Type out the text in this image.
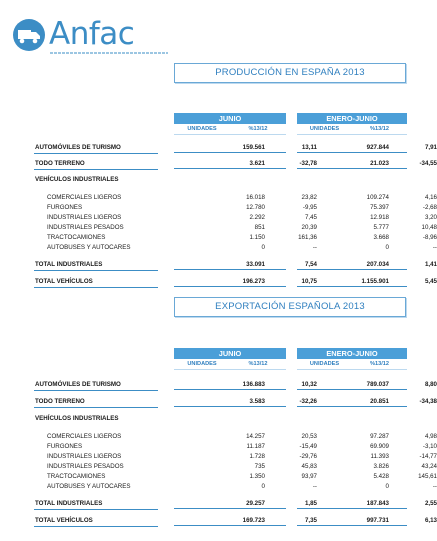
Anfac
PRODUCCIÓN EN ESPAÑA 2013
JUNIO
UNIDADES	%13/12
ENERO-JUNIO
UNIDADES	%13/12
AUTOMÓVILES DE TURISMO	159.561	13,11	927.844	7,91
TODO TERRENO	3.621	-32,78	21.023	-34,55
VEHÍCULOS INDUSTRIALES
COMERCIALES LIGEROS	16.018	23,82	109.274	4,16
FURGONES	12.780	-9,95	75.397	-2,68
INDUSTRIALES LIGEROS	2.292	7,45	12.918	3,20
INDUSTRIALES PESADOS	851	20,39	5.777	10,48
TRACTOCAMIONES	1.150	161,36	3.668	-8,96
AUTOBUSES Y AUTOCARES	0	--	0	--
TOTAL INDUSTRIALES	33.091	7,54	207.034	1,41
TOTAL VEHÍCULOS	196.273	10,75	1.155.901	5,45
EXPORTACIÓN ESPAÑOLA 2013
JUNIO
UNIDADES	%13/12
ENERO-JUNIO
UNIDADES	%13/12
AUTOMÓVILES DE TURISMO	136.883	10,32	789.037	8,80
TODO TERRENO	3.583	-32,26	20.851	-34,38
VEHÍCULOS INDUSTRIALES
COMERCIALES LIGEROS	14.257	20,53	97.287	4,98
FURGONES	11.187	-15,49	69.909	-3,10
INDUSTRIALES LIGEROS	1.728	-29,76	11.393	-14,77
INDUSTRIALES PESADOS	735	45,83	3.826	43,24
TRACTOCAMIONES	1.350	93,97	5.428	145,61
AUTOBUSES Y AUTOCARES	0	--	0	--
TOTAL INDUSTRIALES	29.257	1,85	187.843	2,55
TOTAL VEHÍCULOS	169.723	7,35	997.731	6,13
